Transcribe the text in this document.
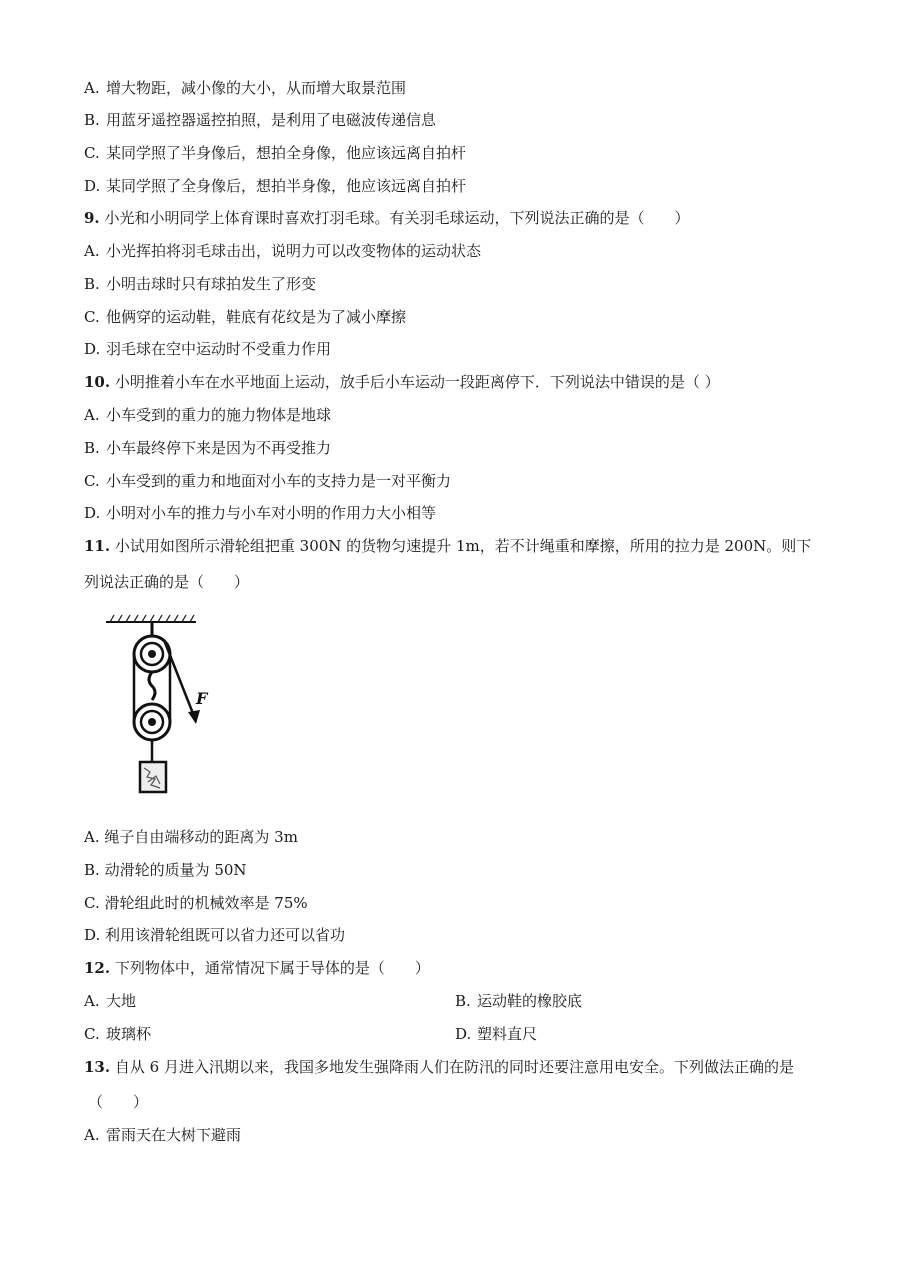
A. 增大物距，减小像的大小，从而增大取景范围
B. 用蓝牙遥控器遥控拍照，是利用了电磁波传递信息
C. 某同学照了半身像后，想拍全身像，他应该远离自拍杆
D. 某同学照了全身像后，想拍半身像，他应该远离自拍杆
9. 小光和小明同学上体育课时喜欢打羽毛球。有关羽毛球运动，下列说法正确的是（　　）
A. 小光挥拍将羽毛球击出，说明力可以改变物体的运动状态
B. 小明击球时只有球拍发生了形变
C. 他俩穿的运动鞋，鞋底有花纹是为了减小摩擦
D. 羽毛球在空中运动时不受重力作用
10. 小明推着小车在水平地面上运动，放手后小车运动一段距离停下．下列说法中错误的是（ ）
A. 小车受到的重力的施力物体是地球
B. 小车最终停下来是因为不再受推力
C. 小车受到的重力和地面对小车的支持力是一对平衡力
D. 小明对小车的推力与小车对小明的作用力大小相等
11. 小试用如图所示滑轮组把重 300N 的货物匀速提升 1m，若不计绳重和摩擦，所用的拉力是 200N。则下
列说法正确的是（　　）
F
A. 绳子自由端移动的距离为 3m
B. 动滑轮的质量为 50N
C. 滑轮组此时的机械效率是 75%
D. 利用该滑轮组既可以省力还可以省功
12. 下列物体中，通常情况下属于导体的是（　　）
A. 大地	B. 运动鞋的橡胶底
C. 玻璃杯	D. 塑料直尺
13. 自从 6 月进入汛期以来，我国多地发生强降雨人们在防汛的同时还要注意用电安全。下列做法正确的是
（　　）
A. 雷雨天在大树下避雨
